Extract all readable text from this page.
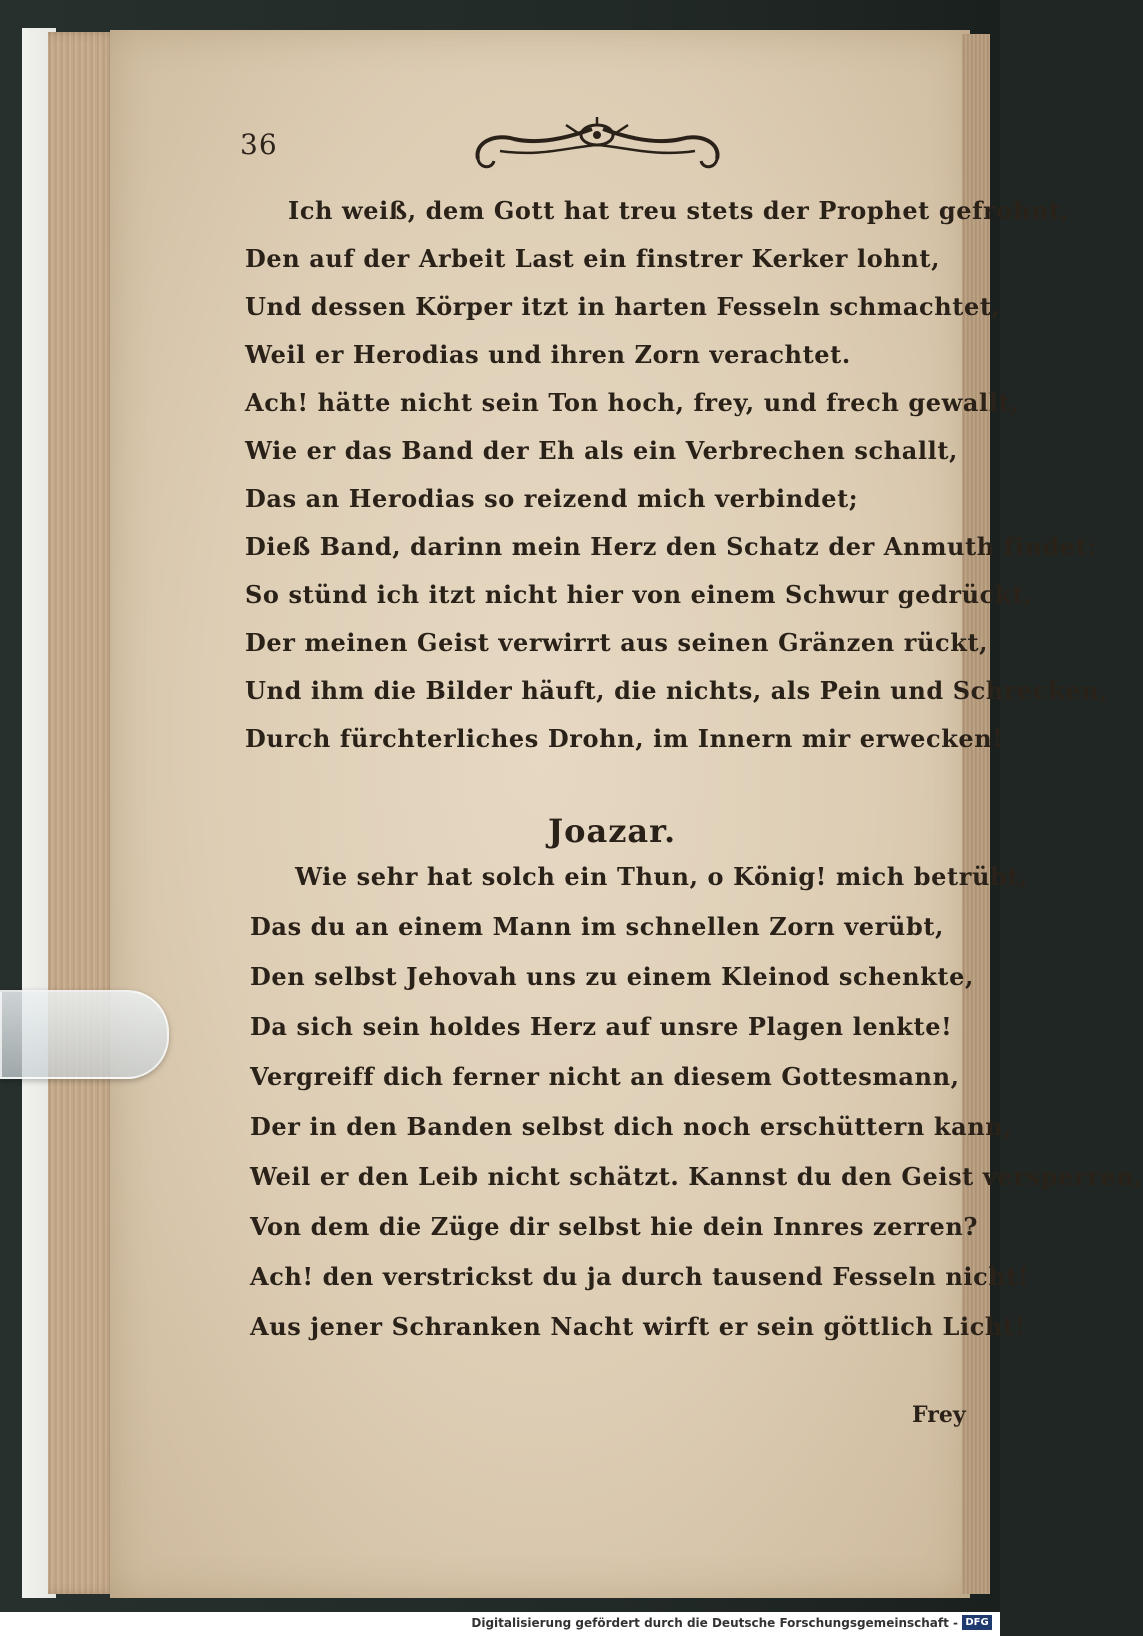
36
Ich weiß, dem Gott hat treu stets der Prophet gefrohnt,
Den auf der Arbeit Last ein finstrer Kerker lohnt,
Und dessen Körper itzt in harten Fesseln schmachtet,
Weil er Herodias und ihren Zorn verachtet.
Ach! hätte nicht sein Ton hoch, frey, und frech gewallt,
Wie er das Band der Eh als ein Verbrechen schallt,
Das an Herodias so reizend mich verbindet;
Dieß Band, darinn mein Herz den Schatz der Anmuth findet:
So stünd ich itzt nicht hier von einem Schwur gedrückt,
Der meinen Geist verwirrt aus seinen Gränzen rückt,
Und ihm die Bilder häuft, die nichts, als Pein und Schrecken,
Durch fürchterliches Drohn, im Innern mir erwecken!
Joazar.
Wie sehr hat solch ein Thun, o König! mich betrübt,
Das du an einem Mann im schnellen Zorn verübt,
Den selbst Jehovah uns zu einem Kleinod schenkte,
Da sich sein holdes Herz auf unsre Plagen lenkte!
Vergreiff dich ferner nicht an diesem Gottesmann,
Der in den Banden selbst dich noch erschüttern kann,
Weil er den Leib nicht schätzt. Kannst du den Geist versperren,
Von dem die Züge dir selbst hie dein Innres zerren?
Ach! den verstrickst du ja durch tausend Fesseln nicht!
Aus jener Schranken Nacht wirft er sein göttlich Licht!
Frey
Digitalisierung gefördert durch die Deutsche Forschungsgemeinschaft - DFG
